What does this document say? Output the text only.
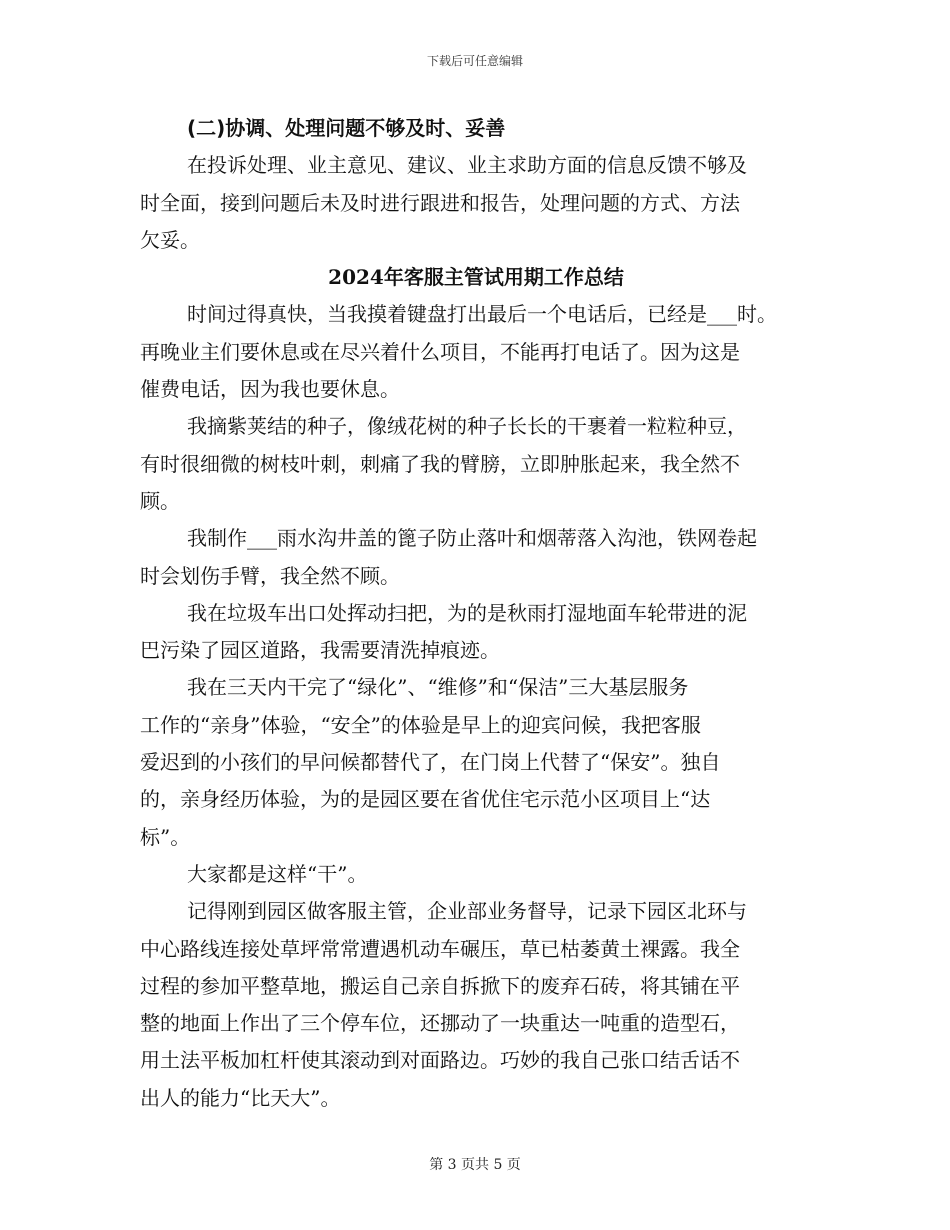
下载后可任意编辑
(二)协调、处理问题不够及时、妥善
在投诉处理、业主意见、建议、业主求助方面的信息反馈不够及
时全面，接到问题后未及时进行跟进和报告，处理问题的方式、方法
欠妥。
2024年客服主管试用期工作总结
时间过得真快，当我摸着键盘打出最后一个电话后，已经是___时。
再晚业主们要休息或在尽兴着什么项目，不能再打电话了。因为这是
催费电话，因为我也要休息。
我摘紫荚结的种子，像绒花树的种子长长的干裹着一粒粒种豆，
有时很细微的树枝叶刺，刺痛了我的臂膀，立即肿胀起来，我全然不
顾。
我制作___雨水沟井盖的篦子防止落叶和烟蒂落入沟池，铁网卷起
时会划伤手臂，我全然不顾。
我在垃圾车出口处挥动扫把，为的是秋雨打湿地面车轮带进的泥
巴污染了园区道路，我需要清洗掉痕迹。
我在三天内干完了“绿化”、“维修”和“保洁”三大基层服务
工作的“亲身”体验，“安全”的体验是早上的迎宾问候，我把客服
爱迟到的小孩们的早问候都替代了，在门岗上代替了“保安”。独自
的，亲身经历体验，为的是园区要在省优住宅示范小区项目上“达
标”。
大家都是这样“干”。
记得刚到园区做客服主管，企业部业务督导，记录下园区北环与
中心路线连接处草坪常常遭遇机动车碾压，草已枯萎黄土裸露。我全
过程的参加平整草地，搬运自己亲自拆掀下的废弃石砖，将其铺在平
整的地面上作出了三个停车位，还挪动了一块重达一吨重的造型石，
用土法平板加杠杆使其滚动到对面路边。巧妙的我自己张口结舌话不
出人的能力“比天大”。
第 3 页共 5 页
